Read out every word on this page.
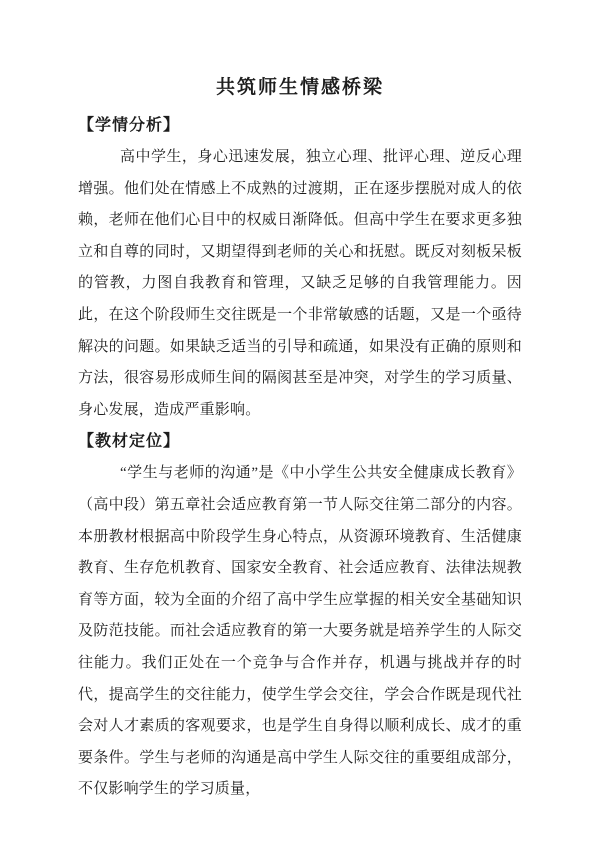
共筑师生情感桥梁
【学情分析】

高中学生，身心迅速发展，独立心理、批评心理、逆反心理增强。他们处在情感上不成熟的过渡期，正在逐步摆脱对成人的依赖，老师在他们心目中的权威日渐降低。但高中学生在要求更多独立和自尊的同时，又期望得到老师的关心和抚慰。既反对刻板呆板的管教，力图自我教育和管理，又缺乏足够的自我管理能力。因此，在这个阶段师生交往既是一个非常敏感的话题，又是一个亟待解决的问题。如果缺乏适当的引导和疏通，如果没有正确的原则和方法，很容易形成师生间的隔阂甚至是冲突，对学生的学习质量、身心发展，造成严重影响。

【教材定位】

“学生与老师的沟通”是《中小学生公共安全健康成长教育》（高中段）第五章社会适应教育第一节人际交往第二部分的内容。本册教材根据高中阶段学生身心特点，从资源环境教育、生活健康教育、生存危机教育、国家安全教育、社会适应教育、法律法规教育等方面，较为全面的介绍了高中学生应掌握的相关安全基础知识及防范技能。而社会适应教育的第一大要务就是培养学生的人际交往能力。我们正处在一个竞争与合作并存，机遇与挑战并存的时代，提高学生的交往能力，使学生学会交往，学会合作既是现代社会对人才素质的客观要求，也是学生自身得以顺利成长、成才的重要条件。学生与老师的沟通是高中学生人际交往的重要组成部分，不仅影响学生的学习质量，
